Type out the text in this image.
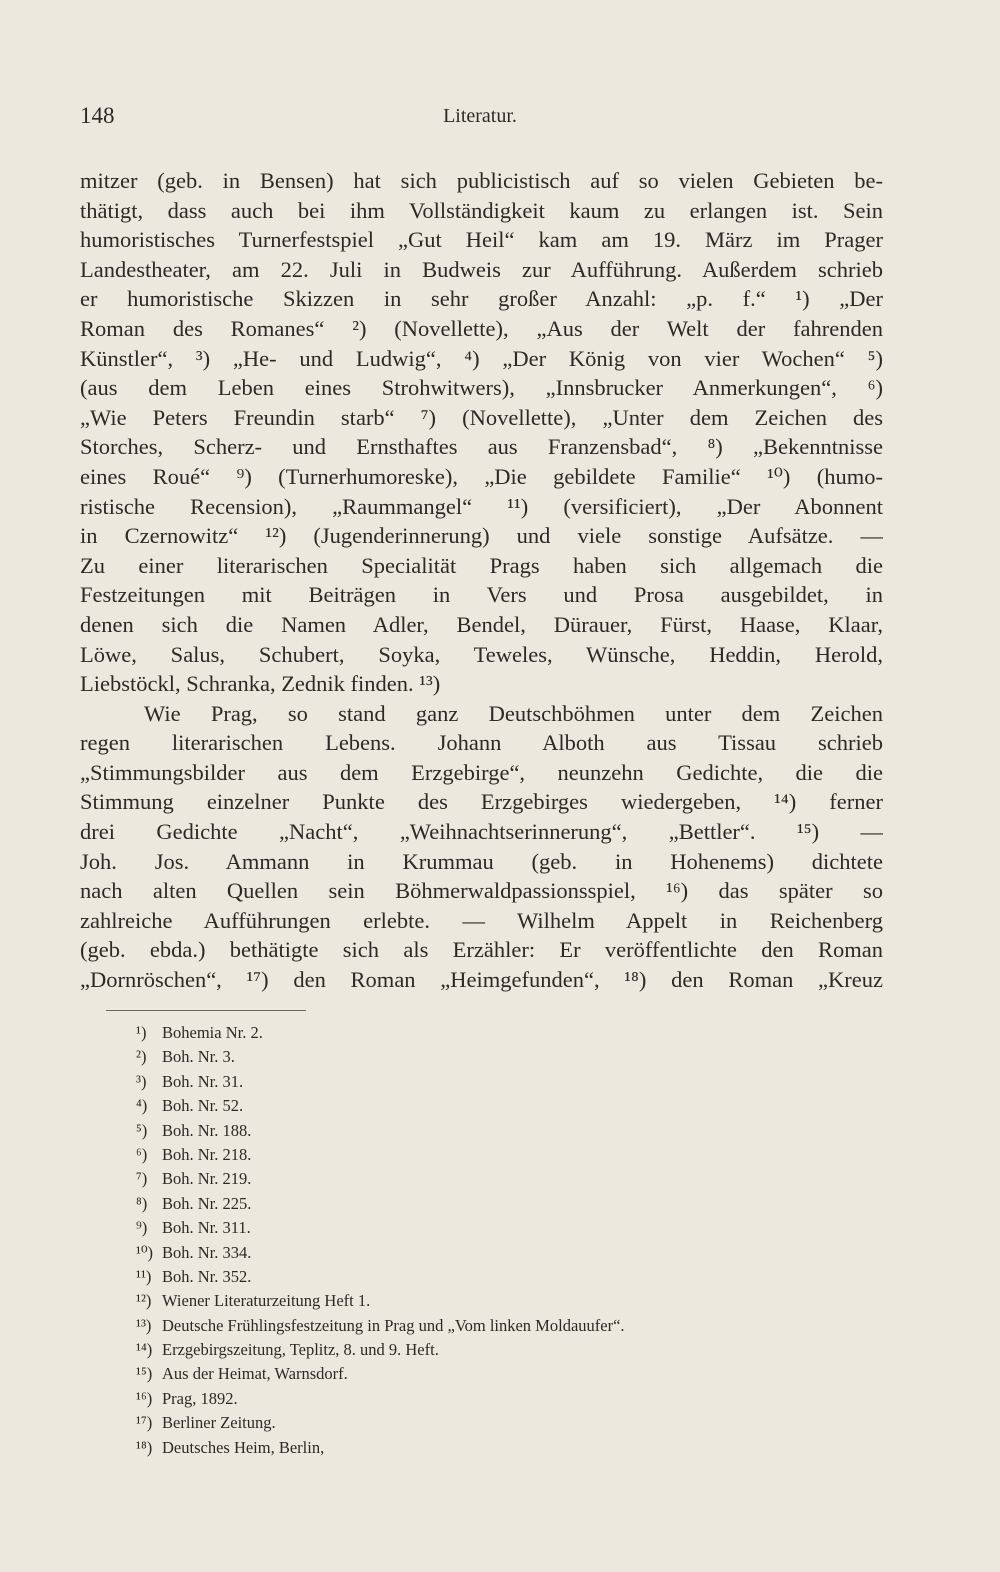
148	Literatur.
mitzer (geb. in Bensen) hat sich publicistisch auf so vielen Gebieten be-
thätigt, dass auch bei ihm Vollständigkeit kaum zu erlangen ist. Sein
humoristisches Turnerfestspiel „Gut Heil“ kam am 19. März im Prager
Landestheater, am 22. Juli in Budweis zur Aufführung. Außerdem schrieb
er humoristische Skizzen in sehr großer Anzahl: „p. f.“ ¹) „Der
Roman des Romanes“ ²) (Novellette), „Aus der Welt der fahrenden
Künstler“, ³) „He- und Ludwig“, ⁴) „Der König von vier Wochen“ ⁵)
(aus dem Leben eines Strohwitwers), „Innsbrucker Anmerkungen“, ⁶)
„Wie Peters Freundin starb“ ⁷) (Novellette), „Unter dem Zeichen des
Storches, Scherz- und Ernsthaftes aus Franzensbad“, ⁸) „Bekenntnisse
eines Roué“ ⁹) (Turnerhumoreske), „Die gebildete Familie“ ¹⁰) (humo-
ristische Recension), „Raummangel“ ¹¹) (versificiert), „Der Abonnent
in Czernowitz“ ¹²) (Jugenderinnerung) und viele sonstige Aufsätze. —
Zu einer literarischen Specialität Prags haben sich allgemach die
Festzeitungen mit Beiträgen in Vers und Prosa ausgebildet, in
denen sich die Namen Adler, Bendel, Dürauer, Fürst, Haase, Klaar,
Löwe, Salus, Schubert, Soyka, Teweles, Wünsche, Heddin, Herold,
Liebstöckl, Schranka, Zednik finden. ¹³)
Wie Prag, so stand ganz Deutschböhmen unter dem Zeichen
regen literarischen Lebens. Johann Alboth aus Tissau schrieb
„Stimmungsbilder aus dem Erzgebirge“, neunzehn Gedichte, die die
Stimmung einzelner Punkte des Erzgebirges wiedergeben, ¹⁴) ferner
drei Gedichte „Nacht“, „Weihnachtserinnerung“, „Bettler“. ¹⁵) —
Joh. Jos. Ammann in Krummau (geb. in Hohenems) dichtete
nach alten Quellen sein Böhmerwaldpassionsspiel, ¹⁶) das später so
zahlreiche Aufführungen erlebte. — Wilhelm Appelt in Reichenberg
(geb. ebda.) bethätigte sich als Erzähler: Er veröffentlichte den Roman
„Dornröschen“, ¹⁷) den Roman „Heimgefunden“, ¹⁸) den Roman „Kreuz
¹) Bohemia Nr. 2.
²) Boh. Nr. 3.
³) Boh. Nr. 31.
⁴) Boh. Nr. 52.
⁵) Boh. Nr. 188.
⁶) Boh. Nr. 218.
⁷) Boh. Nr. 219.
⁸) Boh. Nr. 225.
⁹) Boh. Nr. 311.
¹⁰) Boh. Nr. 334.
¹¹) Boh. Nr. 352.
¹²) Wiener Literaturzeitung Heft 1.
¹³) Deutsche Frühlingsfestzeitung in Prag und „Vom linken Moldauufer“.
¹⁴) Erzgebirgszeitung, Teplitz, 8. und 9. Heft.
¹⁵) Aus der Heimat, Warnsdorf.
¹⁶) Prag, 1892.
¹⁷) Berliner Zeitung.
¹⁸) Deutsches Heim, Berlin,
